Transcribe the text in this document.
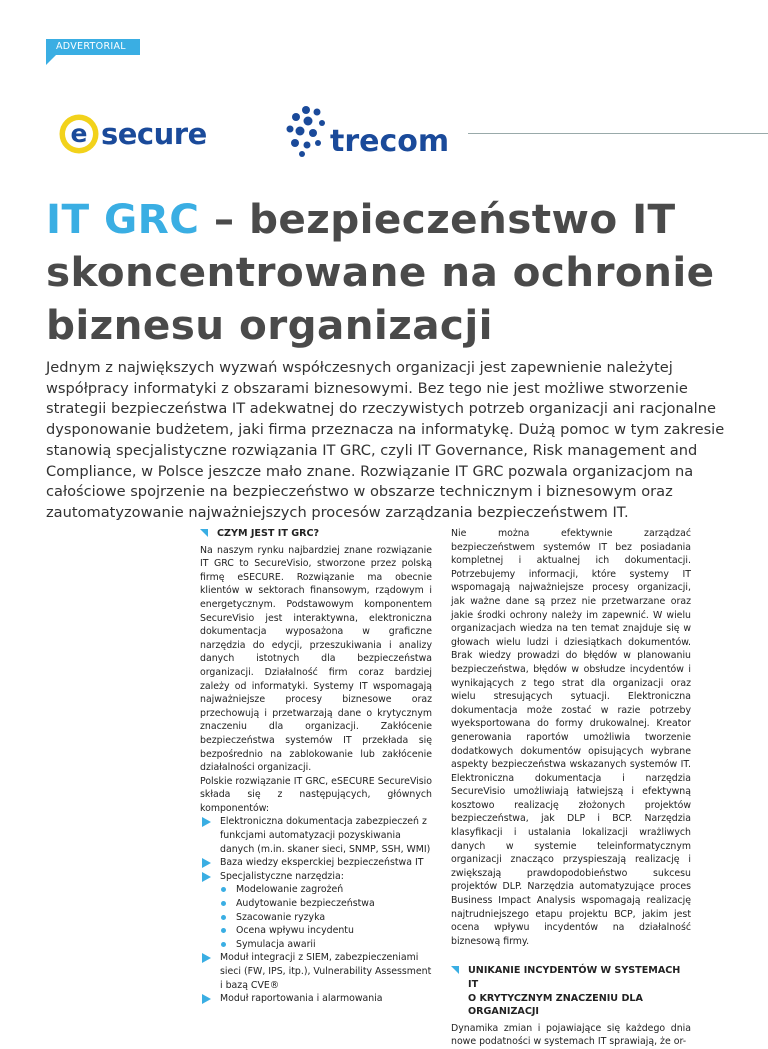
ADVERTORIAL
e secure	trecom
IT GRC – bezpieczeństwo IT
skoncentrowane na ochronie
biznesu organizacji

Jednym z największych wyzwań współczesnych organizacji jest zapewnienie należytej współpracy informatyki z obszarami biznesowymi. Bez tego nie jest możliwe stworzenie strategii bezpieczeństwa IT adekwatnej do rzeczywistych potrzeb organizacji ani racjonalne dysponowanie budżetem, jaki firma przeznacza na informatykę. Dużą pomoc w tym zakresie stanowią specjalistyczne rozwiązania IT GRC, czyli IT Governance, Risk management and Compliance, w Polsce jeszcze mało znane. Rozwiązanie IT GRC pozwala organizacjom na całościowe spojrzenie na bezpieczeństwo w obszarze technicznym i biznesowym oraz zautomatyzowanie najważniejszych procesów zarządzania bezpieczeństwem IT.

CZYM JEST IT GRC?

Na naszym rynku najbardziej znane rozwiązanie IT GRC to SecureVisio, stworzone przez polską firmę eSECURE. Rozwiązanie ma obecnie klientów w sektorach finansowym, rządowym i energetycznym. Podstawowym komponentem SecureVisio jest interaktywna, elektroniczna dokumentacja wyposażona w graficzne narzędzia do edycji, przeszukiwania i analizy danych istotnych dla bezpieczeństwa organizacji. Działalność firm coraz bardziej zależy od informatyki. Systemy IT wspomagają najważniejsze procesy biznesowe oraz przechowują i przetwarzają dane o krytycznym znaczeniu dla organizacji. Zakłócenie bezpieczeństwa systemów IT przekłada się bezpośrednio na zablokowanie lub zakłócenie działalności organizacji.

Polskie rozwiązanie IT GRC, eSECURE SecureVisio składa się z następujących, głównych komponentów:

Elektroniczna dokumentacja zabezpieczeń z funkcjami automatyzacji pozyskiwania danych (m.in. skaner sieci, SNMP, SSH, WMI)
Baza wiedzy eksperckiej bezpieczeństwa IT
Specjalistyczne narzędzia:
Modelowanie zagrożeń
Audytowanie bezpieczeństwa
Szacowanie ryzyka
Ocena wpływu incydentu
Symulacja awarii
Moduł integracji z SIEM, zabezpieczeniami sieci (FW, IPS, itp.), Vulnerability Assessment i bazą CVE®
Moduł raportowania i alarmowania

Nie można efektywnie zarządzać bezpieczeństwem systemów IT bez posiadania kompletnej i aktualnej ich dokumentacji. Potrzebujemy informacji, które systemy IT wspomagają najważniejsze procesy organizacji, jak ważne dane są przez nie przetwarzane oraz jakie środki ochrony należy im zapewnić. W wielu organizacjach wiedza na ten temat znajduje się w głowach wielu ludzi i dziesiątkach dokumentów. Brak wiedzy prowadzi do błędów w planowaniu bezpieczeństwa, błędów w obsłudze incydentów i wynikających z tego strat dla organizacji oraz wielu stresujących sytuacji. Elektroniczna dokumentacja może zostać w razie potrzeby wyeksportowana do formy drukowalnej. Kreator generowania raportów umożliwia tworzenie dodatkowych dokumentów opisujących wybrane aspekty bezpieczeństwa wskazanych systemów IT. Elektroniczna dokumentacja i narzędzia SecureVisio umożliwiają łatwiejszą i efektywną kosztowo realizację złożonych projektów bezpieczeństwa, jak DLP i BCP. Narzędzia klasyfikacji i ustalania lokalizacji wrażliwych danych w systemie teleinformatycznym organizacji znacząco przyspieszają realizację i zwiększają prawdopodobieństwo sukcesu projektów DLP. Narzędzia automatyzujące proces Business Impact Analysis wspomagają realizację najtrudniejszego etapu projektu BCP, jakim jest ocena wpływu incydentów na działalność biznesową firmy.

UNIKANIE INCYDENTÓW W SYSTEMACH IT
O KRYTYCZNYM ZNACZENIU DLA ORGANIZACJI

Dynamika zmian i pojawiające się każdego dnia nowe podatności w systemach IT sprawiają, że or-
